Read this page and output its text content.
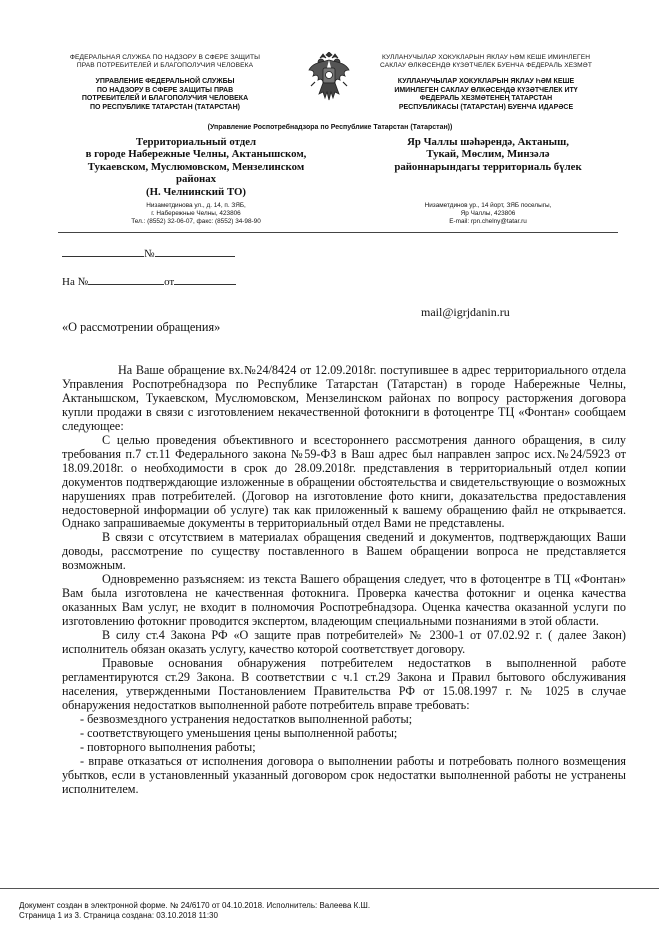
ФЕДЕРАЛЬНАЯ СЛУЖБА ПО НАДЗОРУ В СФЕРЕ ЗАЩИТЫ
ПРАВ ПОТРЕБИТЕЛЕЙ И БЛАГОПОЛУЧИЯ ЧЕЛОВЕКА
КУЛЛАНУЧЫЛАР ХОКУКЛАРЫН ЯКЛАУ ҺӘМ КЕШЕ ИМИНЛЕГЕН
САКЛАУ ӨЛКӘСЕНДӘ КҮЗӘТЧЕЛЕК БУЕНЧА ФЕДЕРАЛЬ ХЕЗМӘТ
УПРАВЛЕНИЕ ФЕДЕРАЛЬНОЙ СЛУЖБЫ
ПО НАДЗОРУ В СФЕРЕ ЗАЩИТЫ ПРАВ
ПОТРЕБИТЕЛЕЙ И БЛАГОПОЛУЧИЯ ЧЕЛОВЕКА
ПО РЕСПУБЛИКЕ ТАТАРСТАН (ТАТАРСТАН)
КУЛЛАНУЧЫЛАР ХОКУКЛАРЫН ЯКЛАУ ҺӘМ КЕШЕ
ИМИНЛЕГЕН САКЛАУ ӨЛКӘСЕНДӘ КҮЗӘТЧЕЛЕК ИТҮ
ФЕДЕРАЛЬ ХЕЗМӘТЕНЕҢ ТАТАРСТАН
РЕСПУБЛИКАСЫ (ТАТАРСТАН) БУЕНЧА ИДАРӘСЕ
(Управление Роспотребнадзора по Республике Татарстан (Татарстан))
Территориальный отдел
в городе Набережные Челны, Актанышском,
Тукаевском, Муслюмовском, Мензелинском
районах
(Н. Челнинский ТО)
Яр Чаллы шәһәрендә, Актаныш,
Тукай, Мөслим, Минзәлә
районнарындагы территориаль бүлек
Низаметдинова ул., д. 14, п. ЗЯБ,
г. Набережные Челны, 423806
Тел.: (8552) 32-06-07, факс: (8552) 34-98-90
Низаметдинов ур., 14 йорт, ЗЯБ поселыгы,
Яр Чаллы, 423806
E-mail: rpn.chelny@tatar.ru
№
На №	от
mail@igrjdanin.ru
«О рассмотрении обращения»

На Ваше обращение вх.№24/8424 от 12.09.2018г. поступившее в адрес территориального отдела Управления Роспотребнадзора по Республике Татарстан (Татарстан) в городе Набережные Челны, Актанышском, Тукаевском, Муслюмовском, Мензелинском районах по вопросу расторжения договора купли продажи в связи с изготовлением некачественной фотокниги в фотоцентре ТЦ «Фонтан» сообщаем следующее:

С целью проведения объективного и всестороннего рассмотрения данного обращения, в силу требования п.7 ст.11 Федерального закона №59-ФЗ в Ваш адрес был направлен запрос исх.№24/5923 от 18.09.2018г. о необходимости в срок до 28.09.2018г. представления в территориальный отдел копии документов подтверждающие изложенные в обращении обстоятельства и свидетельствующие о возможных нарушениях прав потребителей. (Договор на изготовление фото книги, доказательства предоставления недостоверной информации об услуге) так как приложенный к вашему обращению файл не открывается. Однако запрашиваемые документы в территориальный отдел Вами не представлены.

В связи с отсутствием в материалах обращения сведений и документов, подтверждающих Ваши доводы, рассмотрение по существу поставленного в Вашем обращении вопроса не представляется возможным.

Одновременно разъясняем: из текста Вашего обращения следует, что в фотоцентре в ТЦ «Фонтан» Вам была изготовлена не качественная фотокнига. Проверка качества фотокниг и оценка качества оказанных Вам услуг, не входит в полномочия Роспотребнадзора. Оценка качества оказанной услуги по изготовлению фотокниг проводится экспертом, владеющим специальными познаниями в этой области.

В силу ст.4 Закона РФ «О защите прав потребителей» № 2300-1 от 07.02.92 г. ( далее Закон) исполнитель обязан оказать услугу, качество которой соответствует договору.

Правовые основания обнаружения потребителем недостатков в выполненной работе регламентируются ст.29 Закона. В соответствии с ч.1 ст.29 Закона и Правил бытового обслуживания населения, утвержденными Постановлением Правительства РФ от 15.08.1997 г. № 1025 в случае обнаружения недостатков выполненной работе потребитель вправе требовать:

- безвозмездного устранения недостатков выполненной работы;

- соответствующего уменьшения цены выполненной работы;

- повторного выполнения работы;

- вправе отказаться от исполнения договора о выполнении работы и потребовать полного возмещения убытков, если в установленный указанный договором срок недостатки выполненной работы не устранены исполнителем.

Документ создан в электронной форме. № 24/6170 от 04.10.2018. Исполнитель: Валеева К.Ш.
Страница 1 из 3. Страница создана: 03.10.2018 11:30
